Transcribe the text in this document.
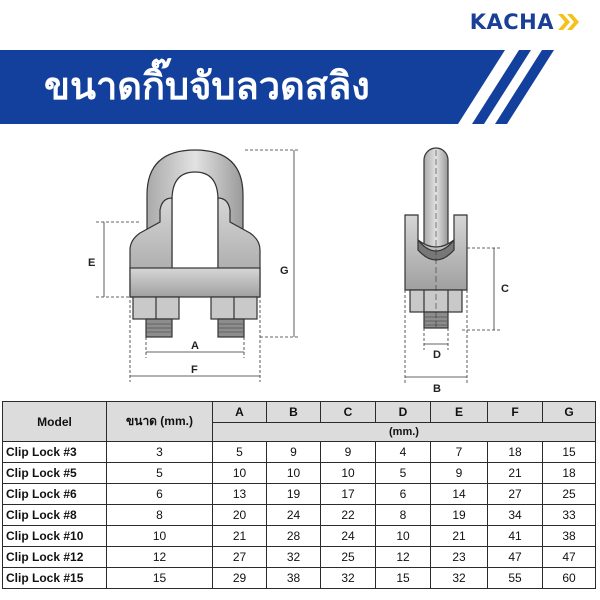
KACHA
ขนาดกิ๊บจับลวดสลิง
E
G
A
F
C
D
B
Model	ขนาด (mm.)	A	B	C	D	E	F	G
		(mm.)						
Clip Lock #3	3	5	9	9	4	7	18	15
Clip Lock #5	5	10	10	10	5	9	21	18
Clip Lock #6	6	13	19	17	6	14	27	25
Clip Lock #8	8	20	24	22	8	19	34	33
Clip Lock #10	10	21	28	24	10	21	41	38
Clip Lock #12	12	27	32	25	12	23	47	47
Clip Lock #15	15	29	38	32	15	32	55	60
